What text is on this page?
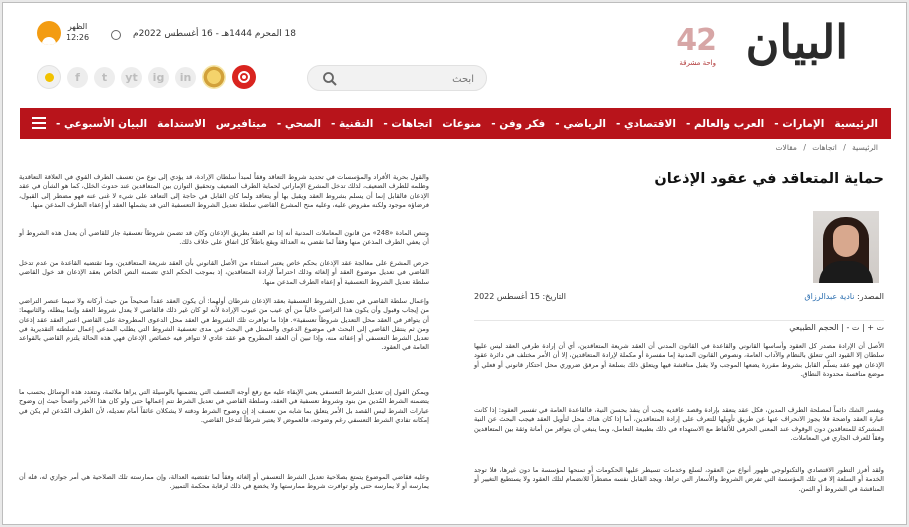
البيان
42
واحة مشرقة
ابحث
f	t	yt	ig	in
18 المحرم 1444هـ - 16 أغسطس 2022م
الظهر
12:26
الرئيسية
الإمارات -
العرب والعالم -
الاقتصادي -
الرياضي -
فكر وفن -
منوعات
اتجاهات -
التقنية -
الصحي -
ميتافيرس
الاستدامة
البيان الأسبوعي -
الرئيسية / اتجاهات / مقالات
حماية المتعاقد في عقود الإذعان
المصدر: نادية عبدالرزاق
التاريخ: 15 أغسطس 2022
ت + | ت - | الحجم الطبيعي

الأصل أن الإرادة مصدر كل العقود وأساسها القانوني والقاعدة في القانون المدني أن العقد شريعة المتعاقدين، أي أن إرادة طرفي العقد ليس عليها سلطان إلا القيود التي تتعلق بالنظام والآداب العامة، ونصوص القانون المدنية إما مفسرة أو مكملة لإرادة المتعاقدين، إلا أن الأمر مختلف في دائرة عقود الإذعان فهو عقد يسلّم القابل بشروط مقررة يضعها الموجب ولا يقبل مناقشة فيها ويتعلق ذلك بسلعة أو مرفق ضروري محل احتكار قانوني أو فعلي أو موضع منافسة محدودة النطاق.

ويفسر الشك دائماً لمصلحة الطرف المدين، فكل عقد يتعقد بإرادة وقصد عاقديه يجب أن ينفذ بحسن النية، فالقاعدة العامة في تفسير العقود: إذا كانت عبارة العقد واضحة فلا يجوز الانحراف عنها عن طريق تأويلها للتعرف على إرادة المتعاقدين، أما إذا كان هناك محل لتأويل العقد فيجب البحث عن النية المشتركة للمتعاقدين دون الوقوف عند المعنى الحرفي للألفاظ مع الاستهداء في ذلك بطبيعة التعامل، وبما ينبغي أن يتوافر من أمانة وثقة بين المتعاقدين وفقاً للعرف الجاري في المعاملات.

ولقد أفرز التطور الاقتصادي والتكنولوجي ظهور أنواع من العقود، لسلع وخدمات تسيطر عليها الحكومات أو تمنحها لمؤسسة ما دون غيرها، فلا توجد الخدمة أو السلعة إلا في تلك المؤسسة التي تفرض الشروط والأسعار التي تراها، ويجد القابل نفسه مضطراً للانضمام لتلك العقود ولا يستطيع التغيير أو المناقشة في الشروط أو الثمن.

والقول بحرية الأفراد والمؤسسات في تحديد شروط التعاقد وفقاً لمبدأ سلطان الإرادة، قد يؤدي إلى نوع من تعسف الطرف القوي في العلاقة التعاقدية وظلمه للطرف الضعيف، لذلك تدخل المشرع الإماراتي لحماية الطرف الضعيف وتحقيق التوازن بين المتعاقدين عند حدوث الخلل، كما هو الشأن في عقد الإذعان فالقابل إنما أن يسلم بشروط العقد ويقبل بها أو يتعاقد ولما كان القابل في حاجة إلى التعاقد على شيء لا غنى عنه فهو مضطر إلى القبول، فرضاؤه موجود ولكنه مفروض عليه، وعليه منح المشرع القاضي سلطة تعديل الشروط التعسفية التي قد يشملها العقد أو إعفاء الطرف المذعن منها.

وتنص المادة «248» من قانون المعاملات المدنية أنه إذا تم العقد بطريق الإذعان وكان قد تضمن شروطاً تعسفية جاز للقاضي أن يعدل هذه الشروط أو أن يعفي الطرف المذعن منها وفقاً لما تقضي به العدالة ويقع باطلاً كل اتفاق على خلاف ذلك.

حرص المشرع على معالجة عقد الإذعان بحكم خاص يعتبر استثناء من الأصل القانوني بأن العقد شريعة المتعاقدين، وما تقتضيه القاعدة من عدم تدخل القاضي في تعديل موضوع العقد أو إلغائه وذلك احتراماً لإرادة المتعاقدين، إذ بموجب الحكم الذي تضمنه النص الخاص بعقد الإذعان قد خول القاضي سلطة تعديل الشروط التعسفية أو إعفاء الطرف المذعن منها.

وإعمال سلطة القاضي في تعديل الشروط التعسفية بعقد الإذعان شرطان أولهما: أن يكون العقد عقداً صحيحاً من حيث أركانه ولا سيما عنصر التراضي من إيجاب وقبول وأن يكون هذا التراضي خالياً من أي عيب من عيوب الإرادة لأنه لو كان غير ذلك فالقاضي لا يعدل شروط العقد وإنما يبطله، والثانيهما: أن يتوافر في العقد محل التعديل شروطاً تعسفية». فإذا ما توافرت تلك الشروط في العقد محل الدعوى المطروحة على القاضي اعتبر العقد عقد إذعان ومن ثم ينتقل القاضي إلى البحث في موضوع الدعوى والمتمثل في البحث في مدى تعسفية الشروط التي يطلب المدعي إعمال سلطته التقديرية في تعديل الشرط التعسفي أو إعفائه منه، وإذا تبين أن العقد المطروح هو عقد عادي لا تتوافر فيه خصائص الإذعان فهي هذه الحالة يلتزم القاضي بالقواعد العامة في العقود.

ويمكن القول إن تعديل الشرط التعسفي يعني الإبقاء عليه مع رفع أوجه التعسف التي يتضمنها بالوسيلة التي يراها ملائمة، وتتعدد هذه الوسائل بحسب ما يتضمنه الشرط المُدين من بنود وشروط تعسفية في العقد، وسلطة القاضي في تعديل الشرط تتم إعمالها حتى ولو كان هذا الأخير واضحاً حيث إن وضوح عبارات الشرط ليس القصد بل الأمر يتعلق بما شابه من تعسف إذ إن وضوح الشرط ودقته لا يشكلان عائقاً أمام تعديله، لأن الطرف المُذعن لم يكن في إمكانه تفادي الشرط التعسفي رغم وضوحه، فالعموض لا يعتبر شرطاً لتدخل القاضي.

وعليه فقاضي الموضوع يتمتع بصلاحية تعديل الشرط التعسفي أو إلغائه وفقاً لما تقتضيه العدالة، وإن ممارسته تلك الصلاحية هي أمر جوازي له، فله أن يمارسه أو لا يمارسه حتى ولو توافرت شروط ممارستها ولا يخضع في ذلك لرقابة محكمة التمييز.
